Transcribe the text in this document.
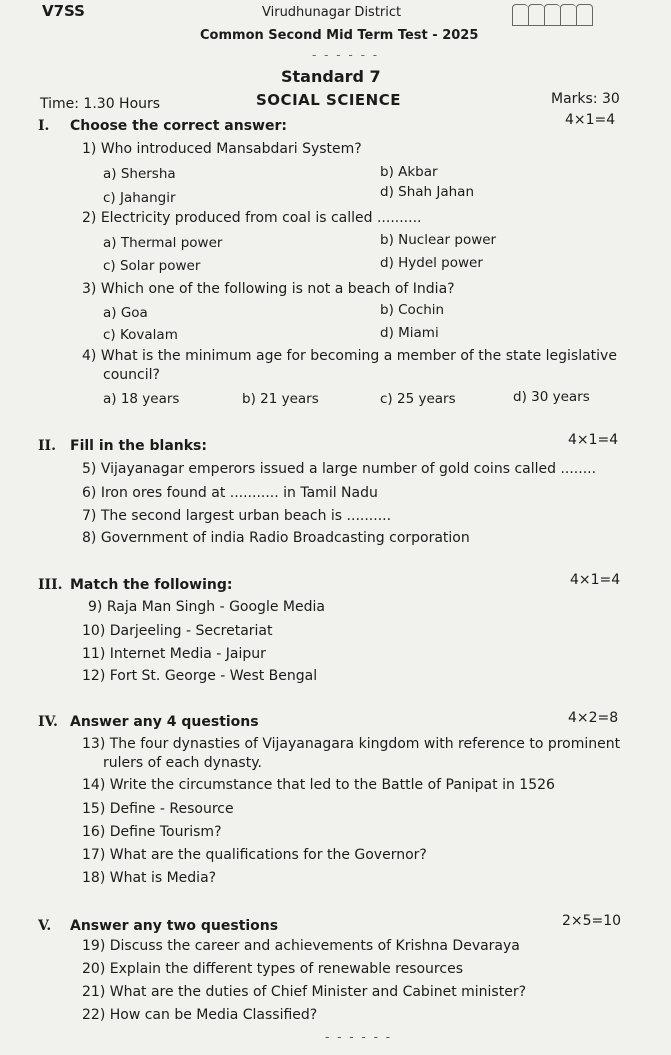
V7SS	Virudhunagar District
Common Second Mid Term Test - 2025
- - - - - -
Standard 7
Time: 1.30 Hours	SOCIAL SCIENCE	Marks: 30
I. Choose the correct answer:	4×1=4
1) Who introduced Mansabdari System?
a) Shersha	b) Akbar
c) Jahangir	d) Shah Jahan
2) Electricity produced from coal is called ..........
a) Thermal power	b) Nuclear power
c) Solar power	d) Hydel power
3) Which one of the following is not a beach of India?
a) Goa	b) Cochin
c) Kovalam	d) Miami
4) What is the minimum age for becoming a member of the state legislative
council?
a) 18 years	b) 21 years	c) 25 years	d) 30 years
II. Fill in the blanks:	4×1=4
5) Vijayanagar emperors issued a large number of gold coins called ........
6) Iron ores found at ........... in Tamil Nadu
7) The second largest urban beach is ..........
8) Government of india Radio Broadcasting corporation
III. Match the following:	4×1=4
9) Raja Man Singh - Google Media
10) Darjeeling - Secretariat
11) Internet Media - Jaipur
12) Fort St. George - West Bengal
IV. Answer any 4 questions	4×2=8
13) The four dynasties of Vijayanagara kingdom with reference to prominent
rulers of each dynasty.
14) Write the circumstance that led to the Battle of Panipat in 1526
15) Define - Resource
16) Define Tourism?
17) What are the qualifications for the Governor?
18) What is Media?
V. Answer any two questions	2×5=10
19) Discuss the career and achievements of Krishna Devaraya
20) Explain the different types of renewable resources
21) What are the duties of Chief Minister and Cabinet minister?
22) How can be Media Classified?
- - - - - -
